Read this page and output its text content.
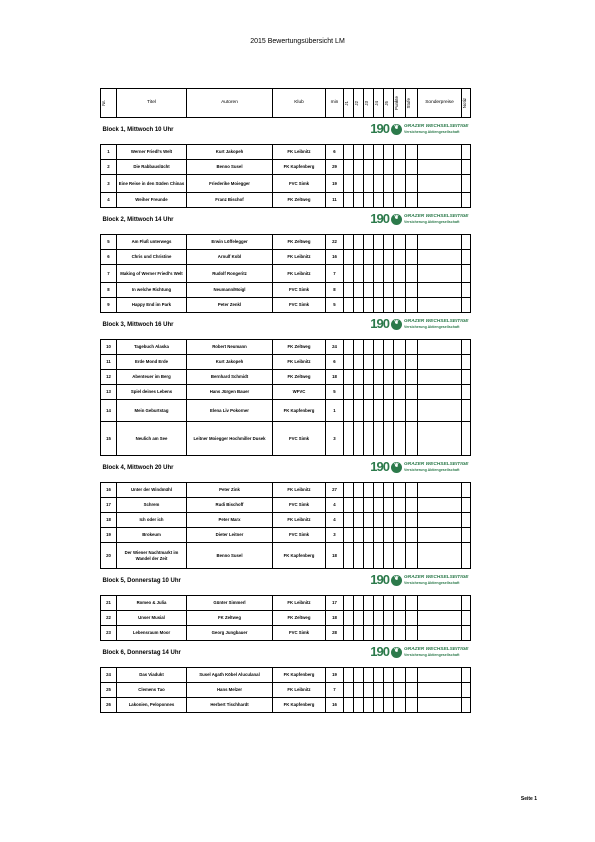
2015 Bewertungsübersicht LM
Nr.	Titel	Autoren	Klub	min	J1	J2	J3	J4	J5	Punkte	Stufe	Sonderpreise	Notiz

Block 1, Mittwoch 10 Uhr 190 ❦ GRAZER WECHSELSEITIGE
Versicherung Aktiengesellschaft													

1	Werner Friedl's Welt	Kurt Jakopeh	FK Leibnitz	6									
2	Die Rabbauslücht	Benno Susel	FK Kapfenberg	29									
3	Eine Reise in den Süden Chinas	Friederike Moiegger	FVC Simk	19									
4	Weiher Freunde	Franz Bischof	FK Zeltweg	11									
Block 2, Mittwoch 14 Uhr 190 ❦ GRAZER WECHSELSEITIGE
Versicherung Aktiengesellschaft													

5	Am Fluß unterwegs	Erwin Löffelegger	FK Zeltweg	22									
6	Chris und Christine	Arnulf Kobl	FK Leibnitz	16									
7	Making of Werner Friedl's Welt	Rudolf Rongeritz	FK Leibnitz	7									
8	In welche Richtung	Neumann/Moigl	FVC Simk	8									
9	Happy End im Park	Peter Zenkl	FVC Simk	5									
Block 3, Mittwoch 16 Uhr 190 ❦ GRAZER WECHSELSEITIGE
Versicherung Aktiengesellschaft													

10	Tagebuch Alaska	Robert Neumann	FK Zeltweg	24									
11	Erde Mond Erde	Kurt Jakopeh	FK Leibnitz	6									
12	Abenteuer im Berg	Bernhard Schmidt	FK Zeltweg	18									
13	Spiel deines Lebens	Hans Jürgen Bauer	WFVC	5									
14	Mein Geburtstag	Elena Liv Pokorner	FK Kapfenberg	1									
15	Neulich am See	Leitner Moiegger Hochmiller Dusek	FVC Simk	3									
Block 4, Mittwoch 20 Uhr 190 ❦ GRAZER WECHSELSEITIGE
Versicherung Aktiengesellschaft													

16	Unter der Windmühl	Peter Zink	FK Leibnitz	27									
17	Schrem	Rudi Bischoff	FVC Simk	4									
18	Ich oder ich	Peter Marx	FK Leibnitz	4									
19	Brokeum	Dieter Leitner	FVC Simk	3									
20	Der Wiener Nachtmarkt im Wandel der Zeit	Benno Susel	FK Kapfenberg	18									
Block 5, Donnerstag 10 Uhr 190 ❦ GRAZER WECHSELSEITIGE
Versicherung Aktiengesellschaft													

21	Romeo & Julia	Günter Simmerl	FK Leibnitz	17									
22	Unser Musial	FK Zeltweg	FK Zeltweg	18									
23	Lebensraum Moor	Georg Jungbauer	FVC Simk	28									
Block 6, Donnerstag 14 Uhr 190 ❦ GRAZER WECHSELSEITIGE
Versicherung Aktiengesellschaft													

24	Das Viadukt	Susel Agath Köbel Aluculanal	FK Kapfenberg	19									
25	Clemens Tao	Hans Melzer	FK Leibnitz	7									
26	Lakonien, Peloponnes	Herbert Tischhardt	FK Kapfenberg	16									
Seite 1
